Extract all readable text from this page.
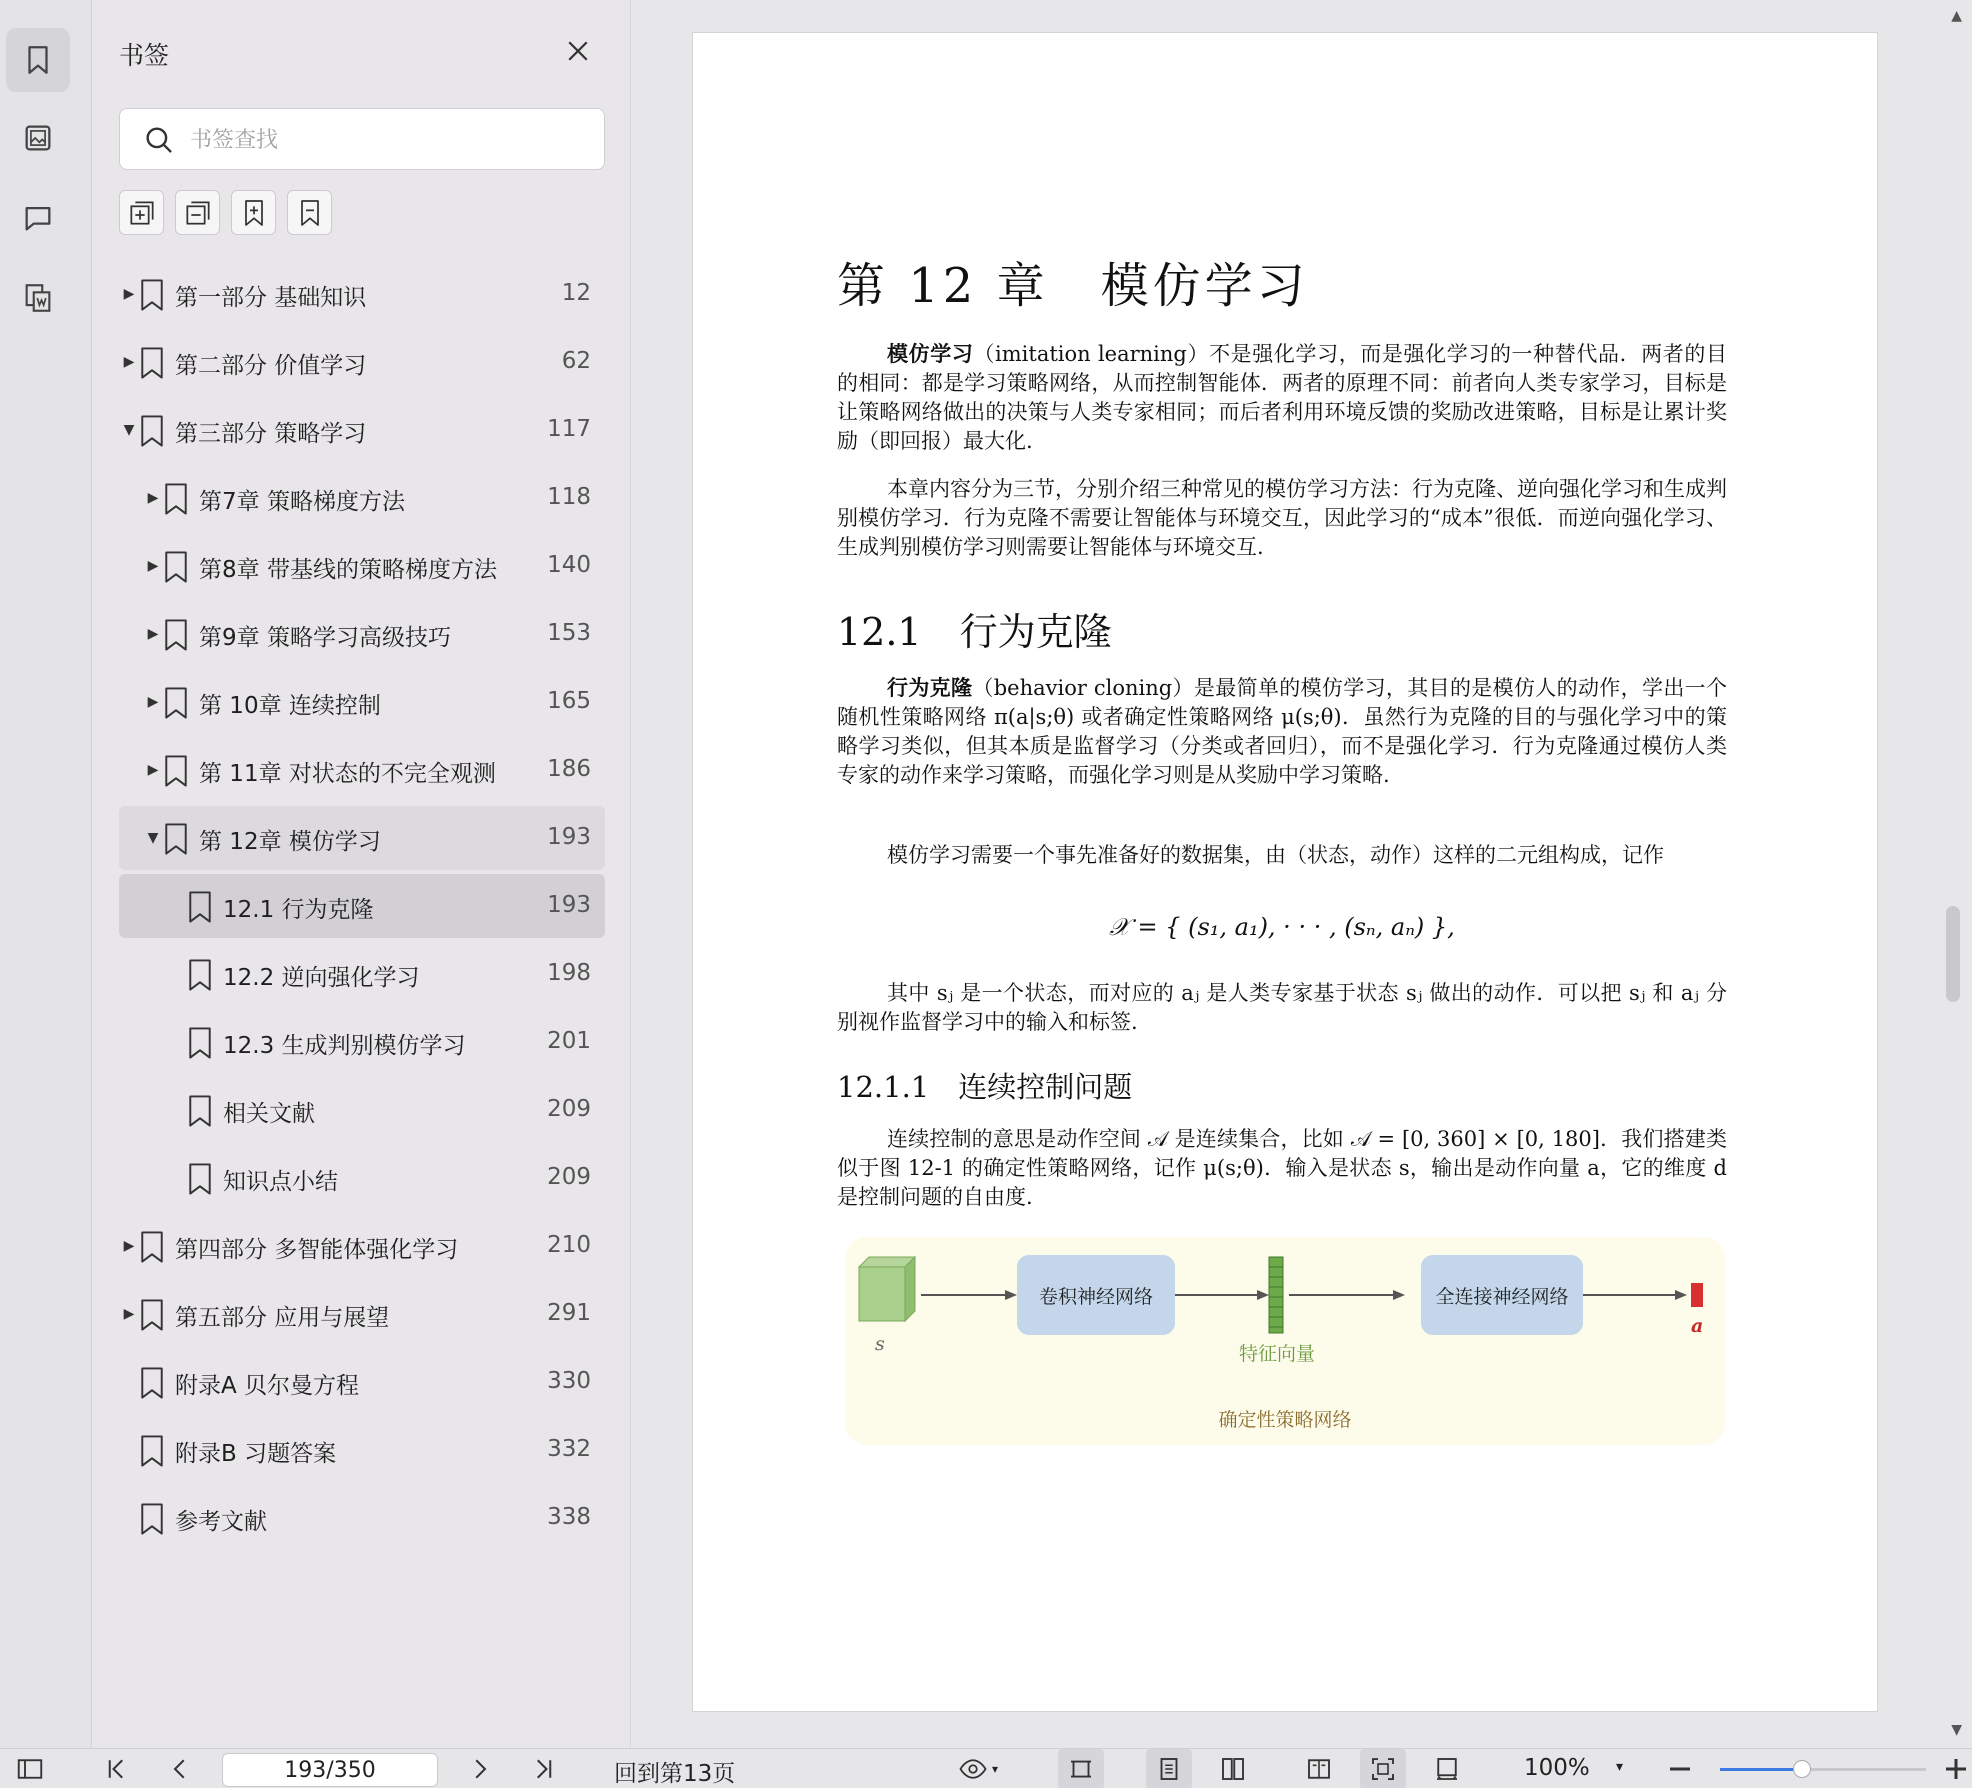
书签
书签查找
▶ 第一部分 基础知识	12
▶ 第二部分 价值学习	62
▼ 第三部分 策略学习	117
▶ 第7章 策略梯度方法	118
▶ 第8章 带基线的策略梯度方法 140
▶ 第9章 策略学习高级技巧	153
▶ 第 10章 连续控制	165
▶ 第 11章 对状态的不完全观测 186
▼ 第 12章 模仿学习	193
12.1 行为克隆	193
12.2 逆向强化学习	198
12.3 生成判别模仿学习	201
相关文献	209
知识点小结	209
▶ 第四部分 多智能体强化学习	210
▶ 第五部分 应用与展望	291
附录A 贝尔曼方程	330
附录B 习题答案	332
参考文献	338
▲
▼
第 12 章　模仿学习

模仿学习（imitation learning）不是强化学习，而是强化学习的一种替代品．两者的目的相同：都是学习策略网络，从而控制智能体．两者的原理不同：前者向人类专家学习，目标是让策略网络做出的决策与人类专家相同；而后者利用环境反馈的奖励改进策略，目标是让累计奖励（即回报）最大化.

本章内容分为三节，分别介绍三种常见的模仿学习方法：行为克隆、逆向强化学习和生成判别模仿学习．行为克隆不需要让智能体与环境交互，因此学习的“成本”很低．而逆向强化学习、生成判别模仿学习则需要让智能体与环境交互.

12.1　行为克隆

行为克隆（behavior cloning）是最简单的模仿学习，其目的是模仿人的动作，学出一个随机性策略网络 π(a|s;θ) 或者确定性策略网络 μ(s;θ)．虽然行为克隆的目的与强化学习中的策略学习类似，但其本质是监督学习（分类或者回归），而不是强化学习．行为克隆通过模仿人类专家的动作来学习策略，而强化学习则是从奖励中学习策略.

模仿学习需要一个事先准备好的数据集，由（状态，动作）这样的二元组构成，记作

𝒳 = { (s₁, a₁), · · · , (sₙ, aₙ) },

其中 sⱼ 是一个状态，而对应的 aⱼ 是人类专家基于状态 sⱼ 做出的动作．可以把 sⱼ 和 aⱼ 分别视作监督学习中的输入和标签.

12.1.1　连续控制问题

连续控制的意思是动作空间 𝒜 是连续集合，比如 𝒜 = [0, 360] × [0, 180]．我们搭建类似于图 12-1 的确定性策略网络，记作 μ(s;θ)．输入是状态 s，输出是动作向量 a，它的维度 d 是控制问题的自由度.

s
卷积神经网络
特征向量
全连接神经网络
a
确定性策略网络
193/350
回到第13页	▾	100% ▾
